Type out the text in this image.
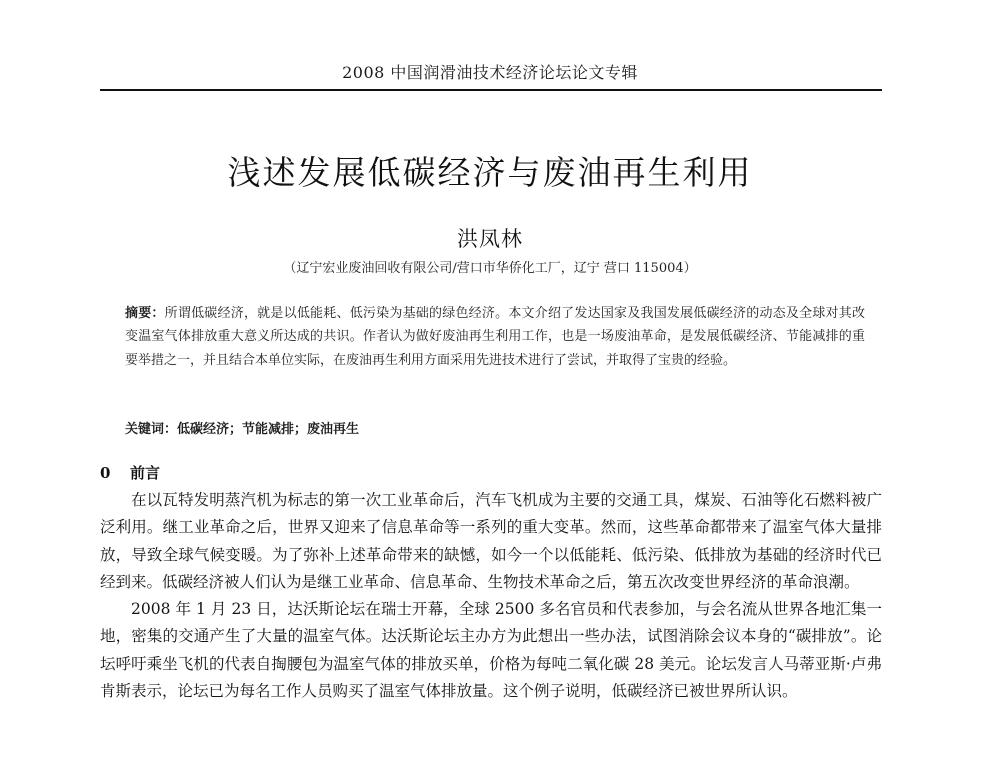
2008 中国润滑油技术经济论坛论文专辑
浅述发展低碳经济与废油再生利用
洪凤林
（辽宁宏业废油回收有限公司/营口市华侨化工厂，辽宁 营口 115004）
摘要：所谓低碳经济，就是以低能耗、低污染为基础的绿色经济。本文介绍了发达国家及我国发展低碳经济的动态及全球对其改变温室气体排放重大意义所达成的共识。作者认为做好废油再生利用工作，也是一场废油革命，是发展低碳经济、节能减排的重要举措之一，并且结合本单位实际，在废油再生利用方面采用先进技术进行了尝试，并取得了宝贵的经验。
关键词：低碳经济；节能减排；废油再生
0 前言

在以瓦特发明蒸汽机为标志的第一次工业革命后，汽车飞机成为主要的交通工具，煤炭、石油等化石燃料被广泛利用。继工业革命之后，世界又迎来了信息革命等一系列的重大变革。然而，这些革命都带来了温室气体大量排放，导致全球气候变暖。为了弥补上述革命带来的缺憾，如今一个以低能耗、低污染、低排放为基础的经济时代已经到来。低碳经济被人们认为是继工业革命、信息革命、生物技术革命之后，第五次改变世界经济的革命浪潮。

2008 年 1 月 23 日，达沃斯论坛在瑞士开幕，全球 2500 多名官员和代表参加，与会名流从世界各地汇集一地，密集的交通产生了大量的温室气体。达沃斯论坛主办方为此想出一些办法，试图消除会议本身的“碳排放”。论坛呼吁乘坐飞机的代表自掏腰包为温室气体的排放买单，价格为每吨二氧化碳 28 美元。论坛发言人马蒂亚斯·卢弗肯斯表示，论坛已为每名工作人员购买了温室气体排放量。这个例子说明，低碳经济已被世界所认识。
